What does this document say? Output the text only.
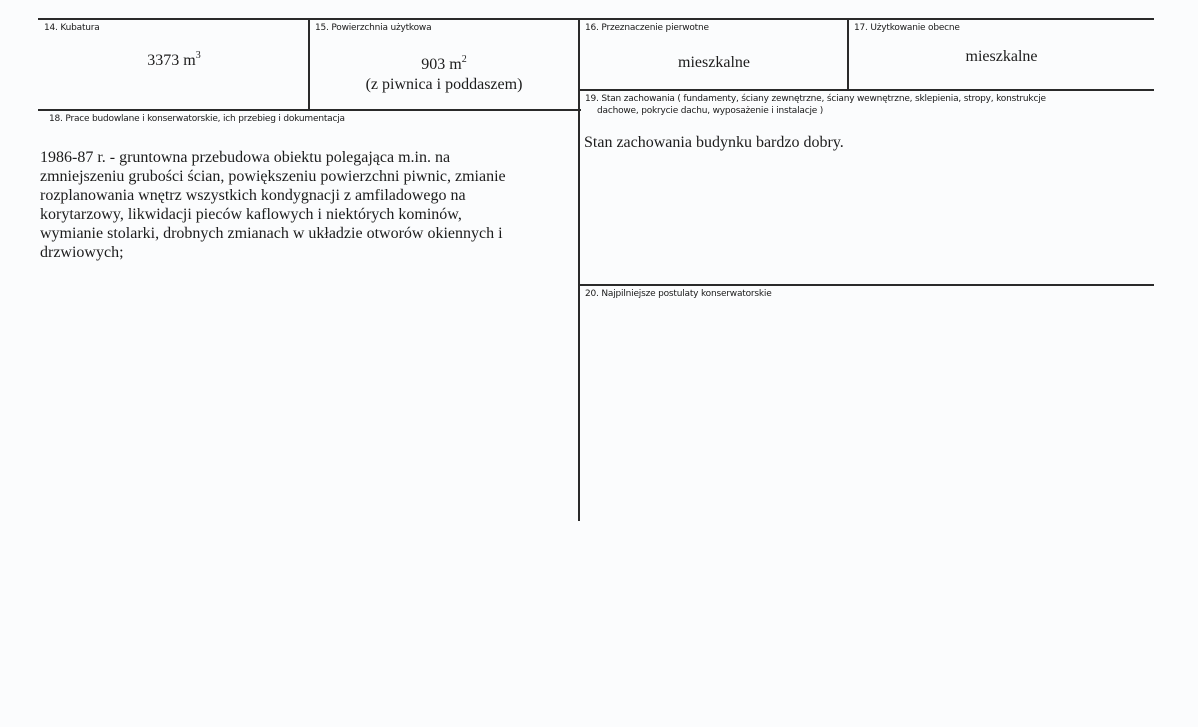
14. Kubatura
3373 $m^3$
15. Powierzchnia użytkowa
903 $m^2$
(z piwnica i poddaszem)
16. Przeznaczenie pierwotne
mieszkalne
17. Użytkowanie obecne
mieszkalne
18. Prace budowlane i konserwatorskie, ich przebieg i dokumentacja
1986-87 r. - gruntowna przebudowa obiektu polegająca m.in. na
zmniejszeniu grubości ścian, powiększeniu powierzchni piwnic, zmianie
rozplanowania wnętrz wszystkich kondygnacji z amfiladowego na
korytarzowy, likwidacji pieców kaflowych i niektórych kominów,
wymianie stolarki, drobnych zmianach w układzie otworów okiennych i
drzwiowych;
19. Stan zachowania ( fundamenty, ściany zewnętrzne, ściany wewnętrzne, sklepienia, stropy, konstrukcje
dachowe, pokrycie dachu, wyposażenie i instalacje )
Stan zachowania budynku bardzo dobry.
20. Najpilniejsze postulaty konserwatorskie
